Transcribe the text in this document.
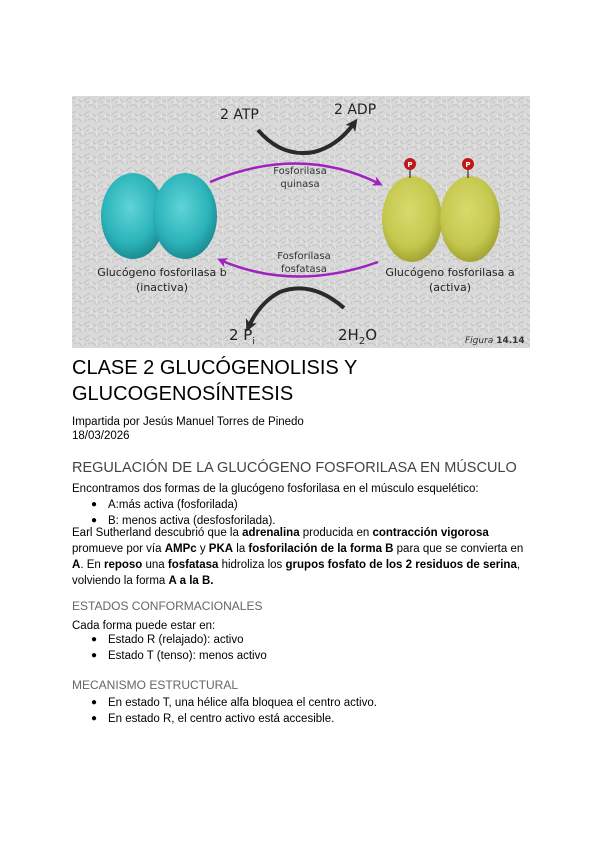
2 ATP	2 ADP
Fosforilasa
quinasa
Fosforilasa
fosfatasa
P	P
Glucógeno fosforilasa b
(inactiva)
Glucógeno fosforilasa a
(activa)
2 $P_i$	$2H_2O$	Figura 14.14
CLASE 2 GLUCÓGENOLISIS Y GLUCOGENOSÍNTESIS
Impartida por Jesús Manuel Torres de Pinedo
18/03/2026
REGULACIÓN DE LA GLUCÓGENO FOSFORILASA EN MÚSCULO

Encontramos dos formas de la glucógeno fosforilasa en el músculo esquelético:

● A:más activa (fosforilada)
● B: menos activa (desfosforilada).

Earl Sutherland descubrió que la adrenalina producida en contracción vigorosa promueve por vía AMPc y PKA la fosforilación de la forma B para que se convierta en A. En reposo una fosfatasa hidroliza los grupos fosfato de los 2 residuos de serina, volviendo la forma A a la B.

ESTADOS CONFORMACIONALES

Cada forma puede estar en:

● Estado R (relajado): activo
● Estado T (tenso): menos activo
MECANISMO ESTRUCTURAL
● En estado T, una hélice alfa bloquea el centro activo.
● En estado R, el centro activo está accesible.
